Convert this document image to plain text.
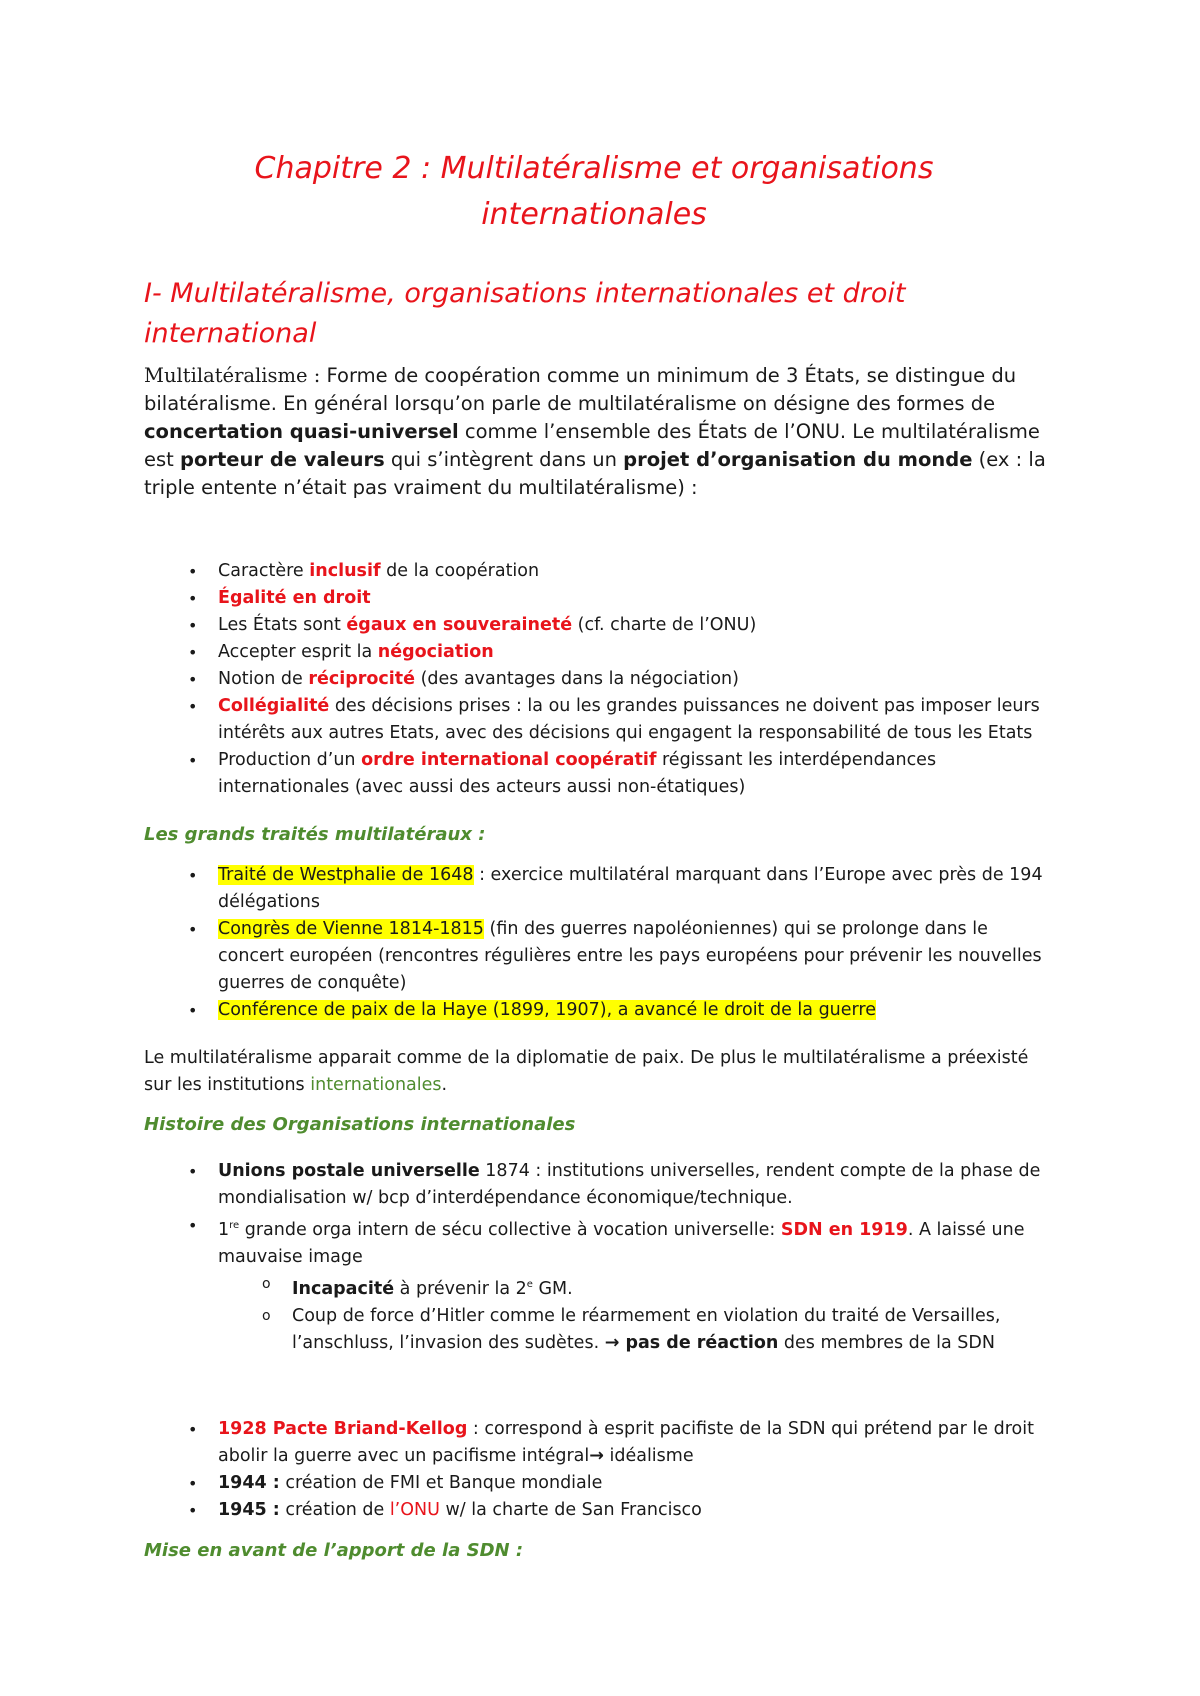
Chapitre 2 : Multilatéralisme et organisations
internationales
I- Multilatéralisme, organisations internationales et droit
international

Multilatéralisme : Forme de coopération comme un minimum de 3 États, se distingue du bilatéralisme. En général lorsqu’on parle de multilatéralisme on désigne des formes de concertation quasi-universel comme l’ensemble des États de l’ONU. Le multilatéralisme est porteur de valeurs qui s’intègrent dans un projet d’organisation du monde (ex : la triple entente n’était pas vraiment du multilatéralisme) :

• Caractère inclusif de la coopération
• Égalité en droit
• Les États sont égaux en souveraineté (cf. charte de l’ONU)
• Accepter esprit la négociation
• Notion de réciprocité (des avantages dans la négociation)
• Collégialité des décisions prises : la ou les grandes puissances ne doivent pas imposer leurs intérêts aux autres Etats, avec des décisions qui engagent la responsabilité de tous les Etats
• Production d’un ordre international coopératif régissant les interdépendances internationales (avec aussi des acteurs aussi non-étatiques)

Les grands traités multilatéraux :

• Traité de Westphalie de 1648 : exercice multilatéral marquant dans l’Europe avec près de 194 délégations
• Congrès de Vienne 1814-1815 (fin des guerres napoléoniennes) qui se prolonge dans le concert européen (rencontres régulières entre les pays européens pour prévenir les nouvelles guerres de conquête)
• Conférence de paix de la Haye (1899, 1907), a avancé le droit de la guerre

Le multilatéralisme apparait comme de la diplomatie de paix. De plus le multilatéralisme a préexisté sur les institutions internationales.

Histoire des Organisations internationales

• Unions postale universelle 1874 : institutions universelles, rendent compte de la phase de mondialisation w/ bcp d’interdépendance économique/technique.
• 1re grande orga intern de sécu collective à vocation universelle: SDN en 1919. A laissé une mauvaise image
o Incapacité à prévenir la 2e GM.
o Coup de force d’Hitler comme le réarmement en violation du traité de Versailles, l’anschluss, l’invasion des sudètes. → pas de réaction des membres de la SDN
• 1928 Pacte Briand-Kellog : correspond à esprit pacifiste de la SDN qui prétend par le droit abolir la guerre avec un pacifisme intégral→ idéalisme
• 1944 : création de FMI et Banque mondiale
• 1945 : création de l’ONU w/ la charte de San Francisco

Mise en avant de l’apport de la SDN :
